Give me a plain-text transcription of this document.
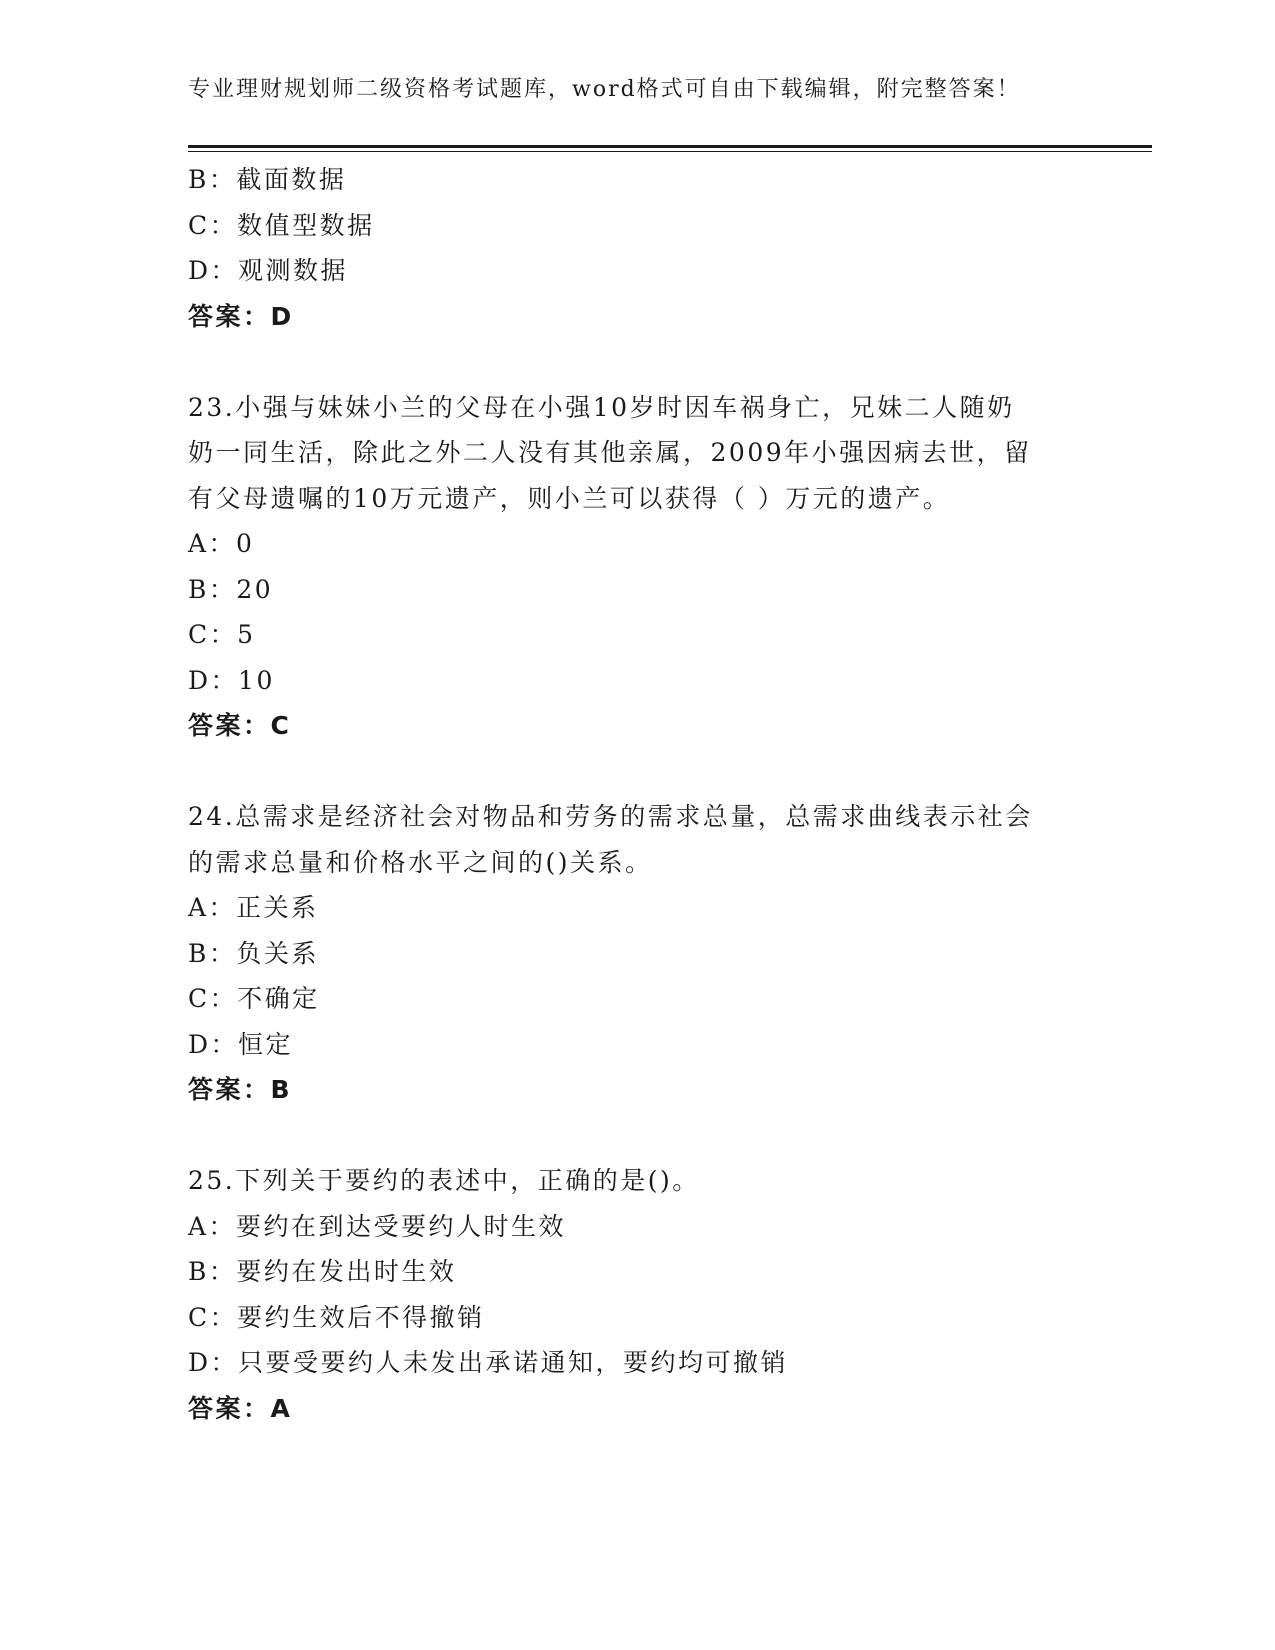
专业理财规划师二级资格考试题库，word格式可自由下载编辑，附完整答案！
B：截面数据
C：数值型数据
D：观测数据
答案：D
23.小强与妹妹小兰的父母在小强10岁时因车祸身亡，兄妹二人随奶
奶一同生活，除此之外二人没有其他亲属，2009年小强因病去世，留
有父母遗嘱的10万元遗产，则小兰可以获得（ ）万元的遗产。
A：0
B：20
C：5
D：10
答案：C
24.总需求是经济社会对物品和劳务的需求总量，总需求曲线表示社会
的需求总量和价格水平之间的()关系。
A：正关系
B：负关系
C：不确定
D：恒定
答案：B
25.下列关于要约的表述中，正确的是()。
A：要约在到达受要约人时生效
B：要约在发出时生效
C：要约生效后不得撤销
D：只要受要约人未发出承诺通知，要约均可撤销
答案：A
